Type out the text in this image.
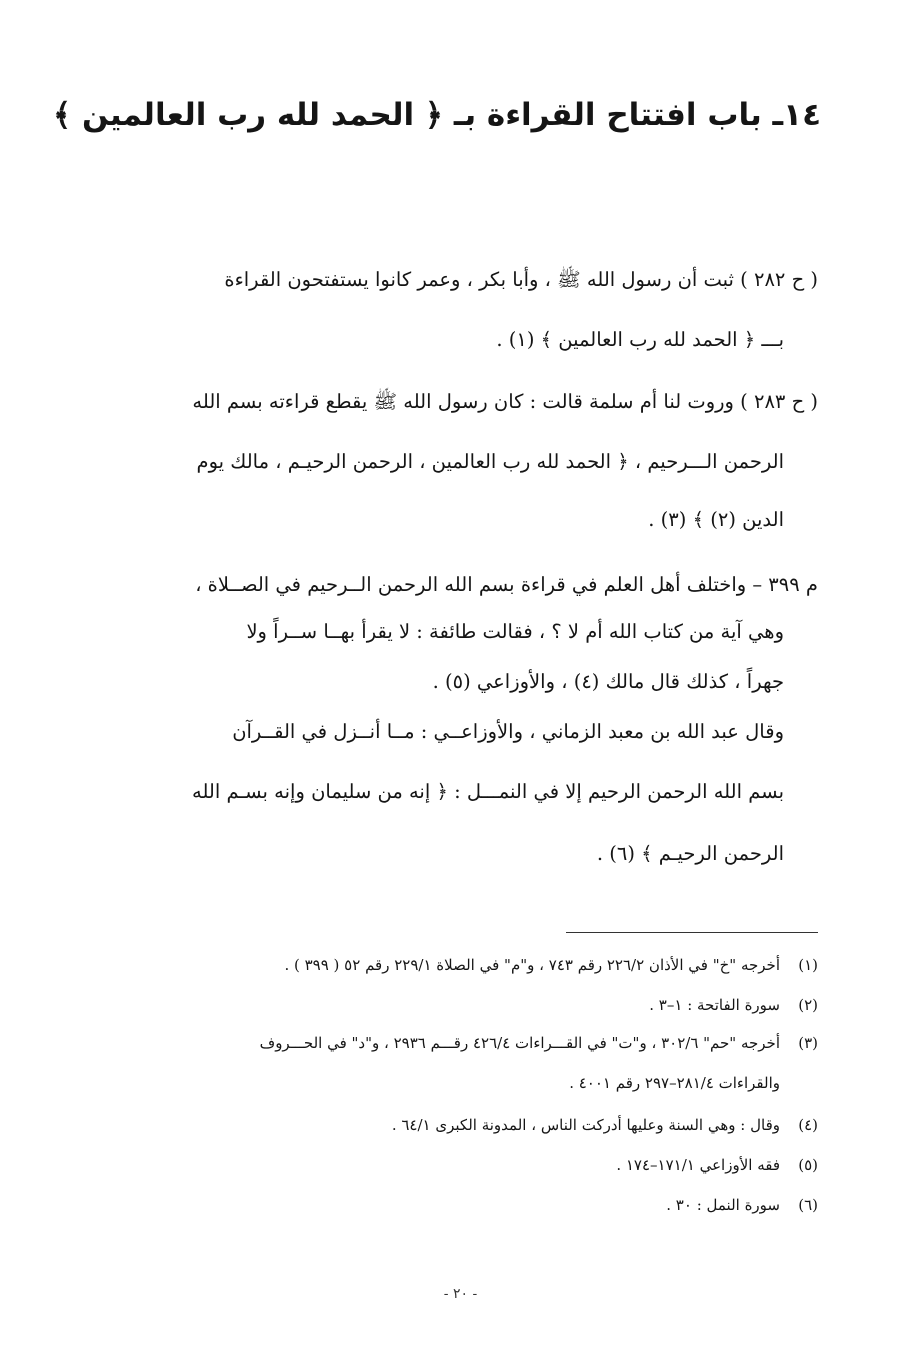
١٤ـ باب افتتاح القراءة بـ ﴿ الحمد لله رب العالمين ﴾
( ح ٢٨٢ ) ثبت أن رسول الله ﷺ ، وأبا بكر ، وعمر كانوا يستفتحون القراءة
بـــ ﴿ الحمد لله رب العالمين ﴾ (١) .
( ح ٢٨٣ ) وروت لنا أم سلمة قالت : كان رسول الله ﷺ يقطع قراءته بسم الله
الرحمن الـــرحيم ، ﴿ الحمد لله رب العالمين ، الرحمن الرحيـم ، مالك يوم
الدين (٢) ﴾ (٣) .
م ٣٩٩ – واختلف أهل العلم في قراءة بسم الله الرحمن الــرحيم في الصــلاة ،
وهي آية من كتاب الله أم لا ؟ ، فقالت طائفة : لا يقرأ بهــا ســراً ولا
جهراً ، كذلك قال مالك (٤) ، والأوزاعي (٥) .
وقال عبد الله بن معبد الزماني ، والأوزاعــي : مــا أنــزل في القــرآن
بسم الله الرحمن الرحيم إلا في النمـــل : ﴿ إنه من سليمان وإنه بسـم الله
الرحمن الرحيـم ﴾ (٦) .
(١)أخرجه "خ" في الأذان ٢٢٦/٢ رقم ٧٤٣ ، و"م" في الصلاة ٢٢٩/١ رقم ٥٢ ( ٣٩٩ ) .
(٢)سورة الفاتحة : ١–٣ .
(٣)أخرجه "حم" ٣٠٢/٦ ، و"ت" في القـــراءات ٤٢٦/٤ رقـــم ٢٩٣٦ ، و"د" في الحـــروف
والقراءات ٢٨١/٤–٢٩٧ رقم ٤٠٠١ .
(٤)وقال : وهي السنة وعليها أدركت الناس ، المدونة الكبرى ٦٤/١ .
(٥)فقه الأوزاعي ١٧١/١–١٧٤ .
(٦)سورة النمل : ٣٠ .
- ٢٠ -
